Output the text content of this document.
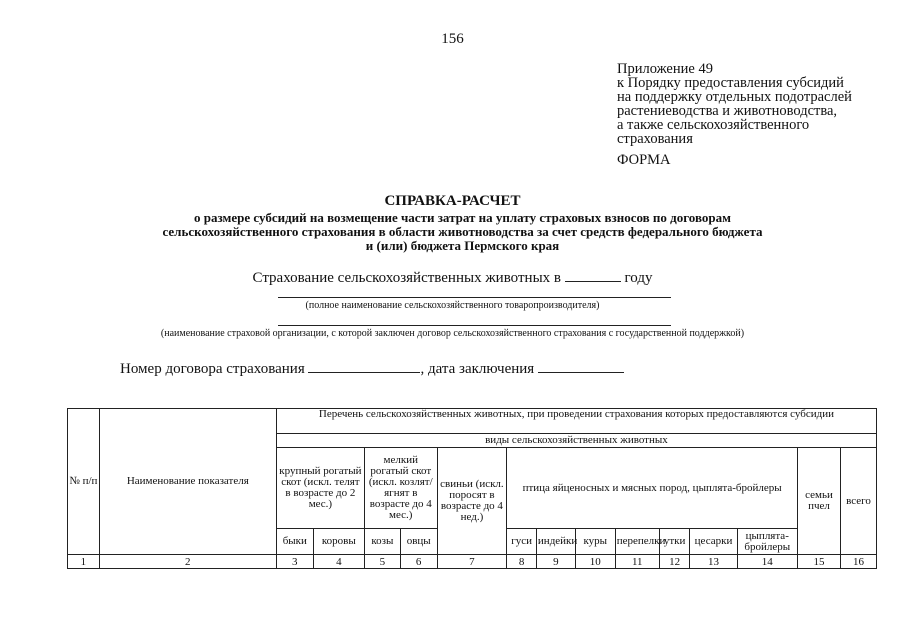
156
Приложение 49
к Порядку предоставления субсидий
на поддержку отдельных подотраслей
растениеводства и животноводства,
а также сельскохозяйственного
страхования
ФОРМА
СПРАВКА-РАСЧЕТ
о размере субсидий на возмещение части затрат на уплату страховых взносов по договорам
сельскохозяйственного страхования в области животноводства за счет средств федерального бюджета
и (или) бюджета Пермского края
Страхование сельскохозяйственных животных в	году
(полное наименование сельскохозяйственного товаропроизводителя)
(наименование страховой организации, с которой заключен договор сельскохозяйственного страхования с государственной поддержкой)
Номер договора страхования	, дата заключения
№ п/п	Наименование показателя	Перечень сельскохозяйственных животных, при проведении страхования которых предоставляются субсидии													
		виды сельскохозяйственных животных													
		крупный рогатый скот (искл. телят в возрасте до 2 мес.)		мелкий рогатый скот (искл. козлят/ягнят в возрасте до 4 мес.)		свиньи (искл. поросят в возрасте до 4 нед.)	птица яйценосных и мясных пород, цыплята-бройлеры							семьи пчел	всего
		быки	коровы	козы	овцы		гуси	индейки	куры	перепелки	утки	цесарки	цыплята-бройлеры		
1	2	3	4	5	6	7	8	9	10	11	12	13	14	15	16
